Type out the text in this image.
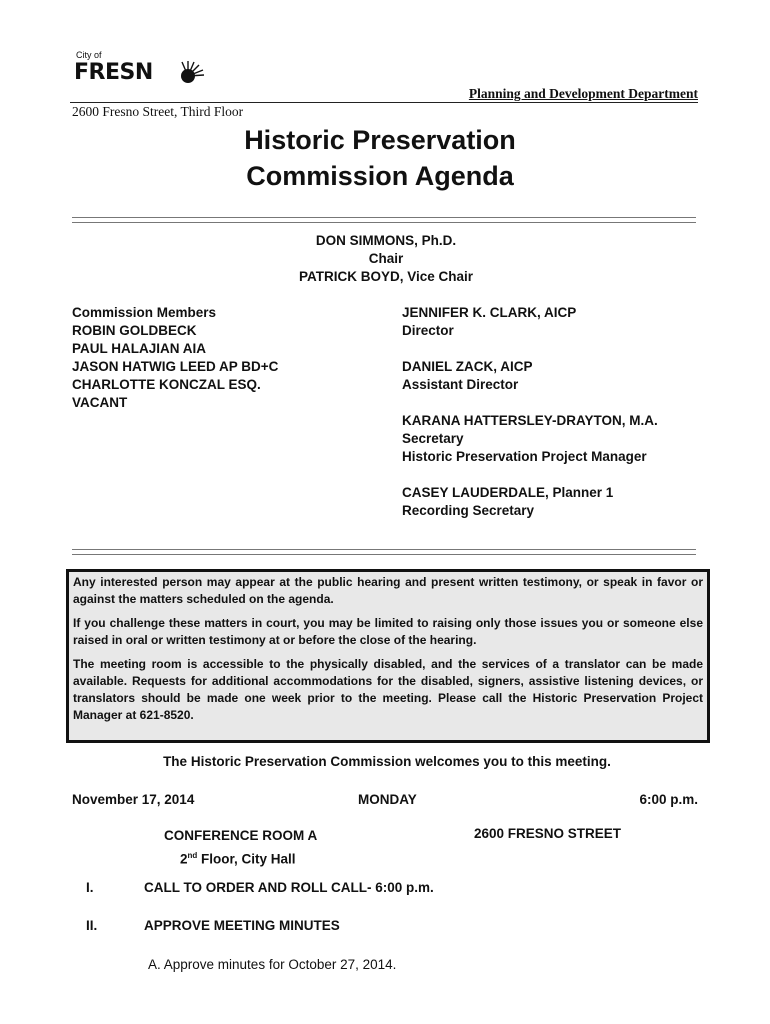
City of
FRESN
Planning and Development Department
2600 Fresno Street, Third Floor
Historic Preservation
Commission Agenda
DON SIMMONS, Ph.D.
Chair
PATRICK BOYD, Vice Chair
Commission Members
ROBIN GOLDBECK
PAUL HALAJIAN AIA
JASON HATWIG LEED AP BD+C
CHARLOTTE KONCZAL ESQ.
VACANT
JENNIFER K. CLARK, AICP
Director
DANIEL ZACK, AICP
Assistant Director
KARANA HATTERSLEY-DRAYTON, M.A.
Secretary
Historic Preservation Project Manager
CASEY LAUDERDALE, Planner 1
Recording Secretary

Any interested person may appear at the public hearing and present written testimony, or speak in favor or against the matters scheduled on the agenda.

If you challenge these matters in court, you may be limited to raising only those issues you or someone else raised in oral or written testimony at or before the close of the hearing.

The meeting room is accessible to the physically disabled, and the services of a translator can be made available. Requests for additional accommodations for the disabled, signers, assistive listening devices, or translators should be made one week prior to the meeting. Please call the Historic Preservation Project Manager at 621-8520.

The Historic Preservation Commission welcomes you to this meeting.
November 17, 2014	MONDAY	6:00 p.m.
CONFERENCE ROOM A
2nd Floor, City Hall
2600 FRESNO STREET
I.	CALL TO ORDER AND ROLL CALL- 6:00 p.m.
II.	APPROVE MEETING MINUTES
A. Approve minutes for October 27, 2014.
